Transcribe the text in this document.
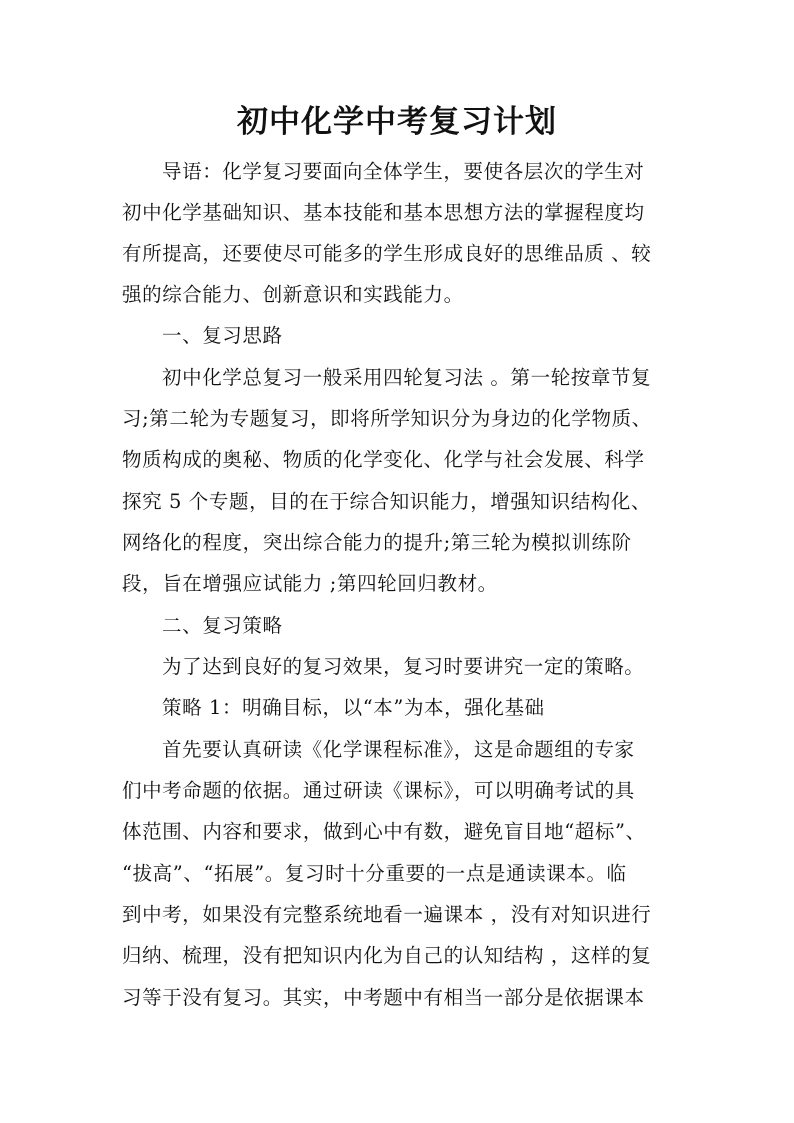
初中化学中考复习计划
导语：化学复习要面向全体学生，要使各层次的学生对
初中化学基础知识、基本技能和基本思想方法的掌握程度均
有所提高，还要使尽可能多的学生形成良好的思维品质 、较
强的综合能力、创新意识和实践能力。
一、复习思路
初中化学总复习一般采用四轮复习法 。第一轮按章节复
习;第二轮为专题复习，即将所学知识分为身边的化学物质、
物质构成的奥秘、物质的化学变化、化学与社会发展、科学
探究 5 个专题，目的在于综合知识能力，增强知识结构化、
网络化的程度，突出综合能力的提升;第三轮为模拟训练阶
段，旨在增强应试能力 ;第四轮回归教材。
二、复习策略
为了达到良好的复习效果，复习时要讲究一定的策略。
策略 1：明确目标，以“本”为本，强化基础
首先要认真研读《化学课程标准》，这是命题组的专家
们中考命题的依据。通过研读《课标》，可以明确考试的具
体范围、内容和要求，做到心中有数，避免盲目地“超标”、
“拔高”、“拓展”。复习时十分重要的一点是通读课本。临
到中考，如果没有完整系统地看一遍课本 ，没有对知识进行
归纳、梳理，没有把知识内化为自己的认知结构 ，这样的复
习等于没有复习。其实，中考题中有相当一部分是依据课本
